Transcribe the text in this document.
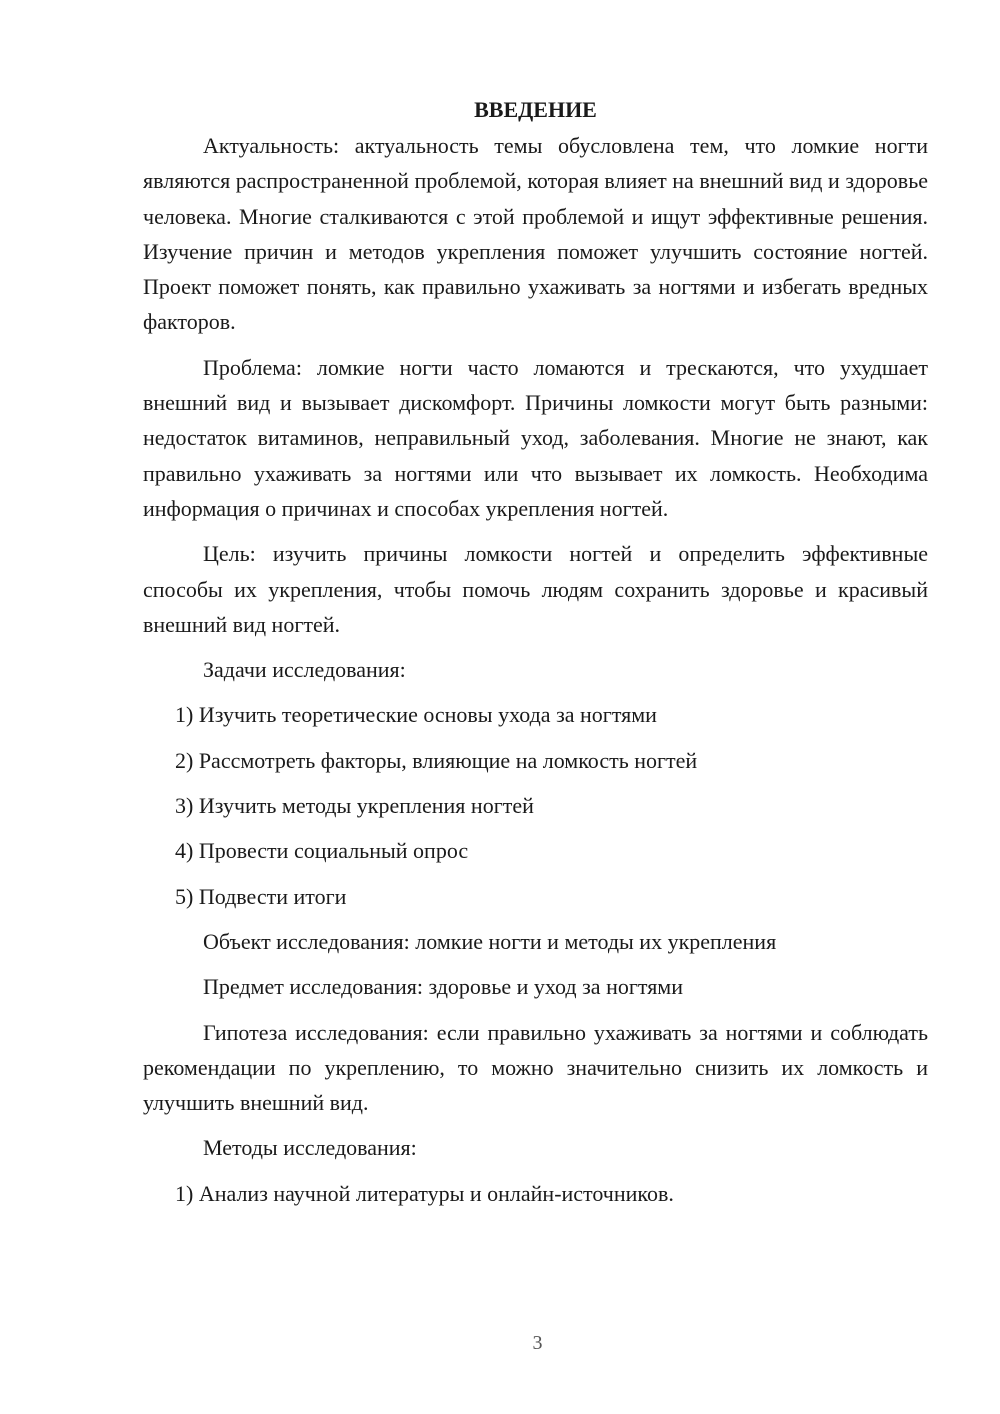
ВВЕДЕНИЕ

Актуальность: актуальность темы обусловлена тем, что ломкие ногти являются распространенной проблемой, которая влияет на внешний вид и здоровье человека. Многие сталкиваются с этой проблемой и ищут эффективные решения. Изучение причин и методов укрепления поможет улучшить состояние ногтей. Проект поможет понять, как правильно ухаживать за ногтями и избегать вредных факторов.

Проблема: ломкие ногти часто ломаются и трескаются, что ухудшает внешний вид и вызывает дискомфорт. Причины ломкости могут быть разными: недостаток витаминов, неправильный уход, заболевания. Многие не знают, как правильно ухаживать за ногтями или что вызывает их ломкость. Необходима информация о причинах и способах укрепления ногтей.

Цель: изучить причины ломкости ногтей и определить эффективные способы их укрепления, чтобы помочь людям сохранить здоровье и красивый внешний вид ногтей.

Задачи исследования:

1) Изучить теоретические основы ухода за ногтями

2) Рассмотреть факторы, влияющие на ломкость ногтей

3) Изучить методы укрепления ногтей

4) Провести социальный опрос

5) Подвести итоги

Объект исследования: ломкие ногти и методы их укрепления

Предмет исследования: здоровье и уход за ногтями

Гипотеза исследования: если правильно ухаживать за ногтями и соблюдать рекомендации по укреплению, то можно значительно снизить их ломкость и улучшить внешний вид.

Методы исследования:

1) Анализ научной литературы и онлайн-источников.

3
